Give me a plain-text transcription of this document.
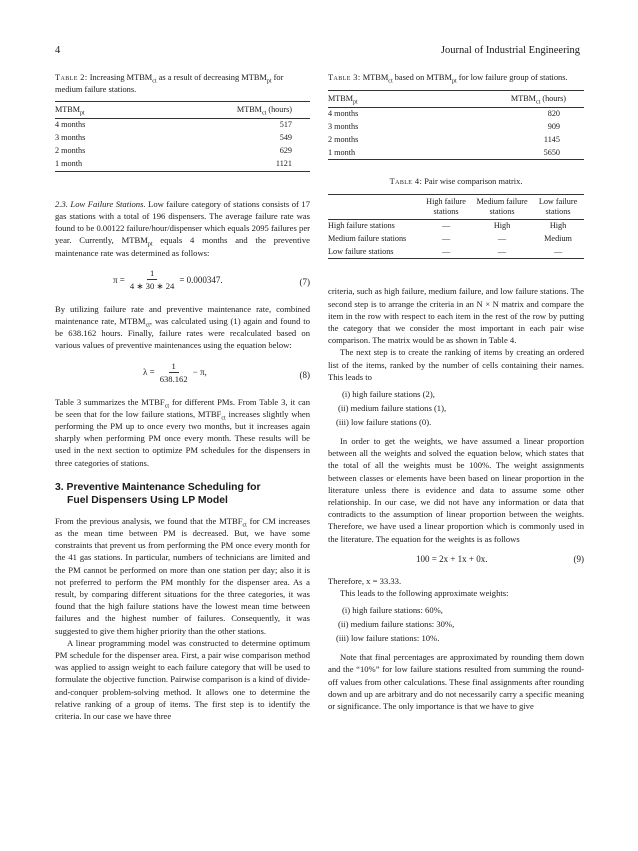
4	Journal of Industrial Engineering
Table 2: Increasing $MTBM_{ct}$ as a result of decreasing $MTBM_{pt}$ for medium failure stations.
$MTBM_{pt}$	$MTBM_{ct}$ (hours)
4 months	517
3 months	549
2 months	629
1 month	1121

2.3. Low Failure Stations. Low failure category of stations consists of 17 gas stations with a total of 196 dispensers. The average failure rate was found to be 0.00122 failure/hour/dispenser which equals 2095 failures per year. Currently, $MTBM_{pt}$ equals 4 months and the preventive maintenance rate was determined as follows:

$\pi = \frac{1}{4 ∗ 30 ∗ 24} = 0.000347$.	(7)

By utilizing failure rate and preventive maintenance rate, combined maintenance rate, $MTBM_{ct}$, was calculated using (1) again and found to be 638.162 hours. Finally, failure rates were recalculated based on various values of preventive maintenances using the equation below:

$\lambda = \frac{1}{638.162} - \pi$,	(8)

Table 3 summarizes the $MTBF_{ct}$ for different PMs. From Table 3, it can be seen that for the low failure stations, $MTBF_{ct}$ increases slightly when performing the PM up to once every two months, but it increases again sharply when performing PM once every month. These results will be used in the next section to optimize PM schedules for the dispensers in three categories of stations.

3. Preventive Maintenance Scheduling for
Fuel Dispensers Using LP Model

From the previous analysis, we found that the $MTBF_{ct}$ for CM increases as the mean time between PM is decreased. But, we have some constraints that prevent us from performing the PM once every month for the 41 gas stations. In particular, numbers of technicians are limited and the PM cannot be performed on more than one station per day; also it is not preferred to perform the PM monthly for the dispenser area. As a result, by comparing different situations for the three categories, it was found that the high failure stations have the lowest mean time between failures and the highest number of failures. Consequently, it was suggested to give them higher priority than the other stations.

A linear programming model was constructed to determine optimum PM schedule for the dispenser area. First, a pair wise comparison method was applied to assign weight to each failure category that will be used to formulate the objective function. Pairwise comparison is a kind of divide-and-conquer problem-solving method. It allows one to determine the relative ranking of a group of items. The first step is to identify the criteria. In our case we have three

Table 3: $MTBM_{ct}$ based on $MTBM_{pt}$ for low failure group of stations.
$MTBM_{pt}$	$MTBM_{ct}$ (hours)
4 months	820
3 months	909
2 months	1145
1 month	5650
Table 4: Pair wise comparison matrix.
	High failure stations	Medium failure stations	Low failure stations
High failure stations	—	High	High
Medium failure stations	—	—	Medium
Low failure stations	—	—	—

criteria, such as high failure, medium failure, and low failure stations. The second step is to arrange the criteria in an N × N matrix and compare the item in the row with respect to each item in the rest of the row by putting the category that we consider the most important in each pair wise comparison. The matrix would be as shown in Table 4.

The next step is to create the ranking of items by creating an ordered list of the items, ranked by the number of cells containing their names. This leads to

(i) high failure stations (2),
(ii) medium failure stations (1),
(iii) low failure stations (0).

In order to get the weights, we have assumed a linear proportion between all the weights and solved the equation below, which states that the total of all the weights must be 100%. The weight assignments between classes or elements have been based on linear proportion in the literature unless there is evidence and data to assume some other relationship. In our case, we did not have any information or data that contradicts to the assumption of linear proportion between the weights. Therefore, we have used a linear proportion which is commonly used in the literature. The equation for the weights is as follows

100 = 2x + 1x + 0x.	(9)

Therefore, x = 33.33.

This leads to the following approximate weights:

(i) high failure stations: 60%,
(ii) medium failure stations: 30%,
(iii) low failure stations: 10%.

Note that final percentages are approximated by rounding them down and the “10%” for low failure stations resulted from summing the round-off values from other calculations. These final assignments after rounding down and up are arbitrary and do not necessarily carry a specific meaning or significance. The only importance is that we have to give
